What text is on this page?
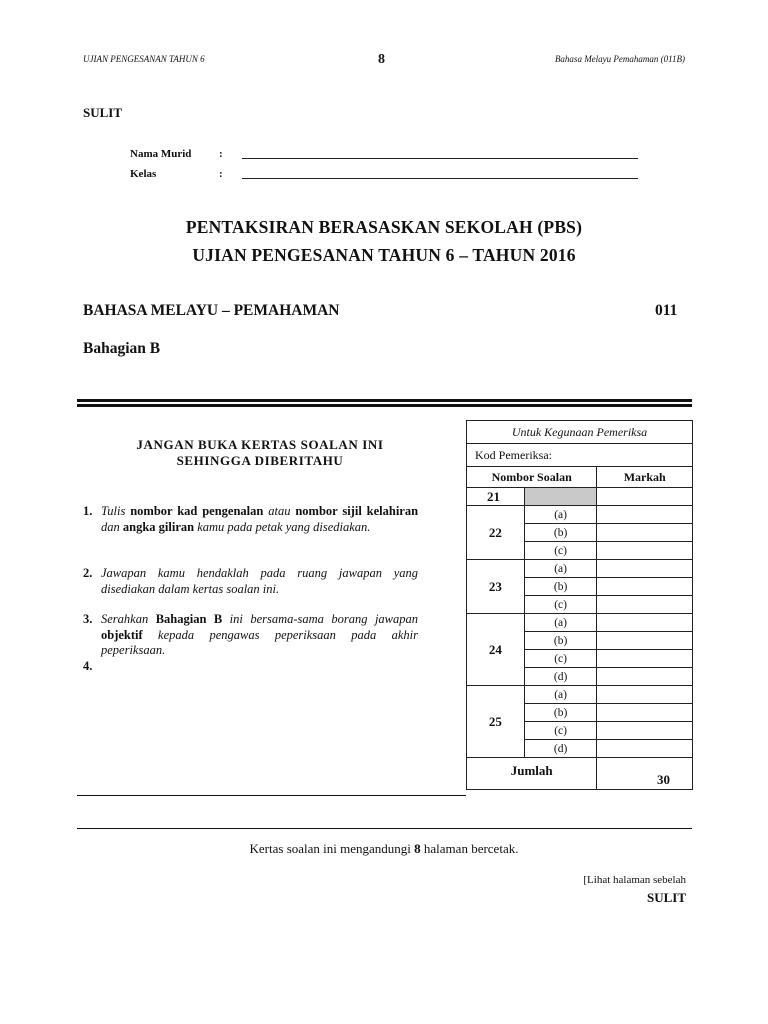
UJIAN PENGESANAN TAHUN 6	8	Bahasa Melayu Pemahaman (011B)
SULIT
Nama Murid	:
Kelas	:
PENTAKSIRAN BERASASKAN SEKOLAH (PBS)
UJIAN PENGESANAN TAHUN 6 – TAHUN 2016
BAHASA MELAYU – PEMAHAMAN	011
Bahagian B
JANGAN BUKA KERTAS SOALAN INI
SEHINGGA DIBERITAHU
1. Tulis nombor kad pengenalan atau nombor sijil kelahiran dan angka giliran kamu pada petak yang disediakan.
2. Jawapan kamu hendaklah pada ruang jawapan yang disediakan dalam kertas soalan ini.
3. Serahkan Bahagian B ini bersama-sama borang jawapan objektif kepada pengawas peperiksaan pada akhir peperiksaan.
4.
Untuk Kegunaan Pemeriksa		
Kod Pemeriksa:		
Nombor Soalan		Markah
21		
22	(a)	
	(b)	
	(c)	
23	(a)	
	(b)	
	(c)	
24	(a)	
	(b)	
	(c)	
	(d)	
25	(a)	
	(b)	
	(c)	
	(d)	
Jumlah		30
Kertas soalan ini mengandungi 8 halaman bercetak.
[Lihat halaman sebelah
SULIT
